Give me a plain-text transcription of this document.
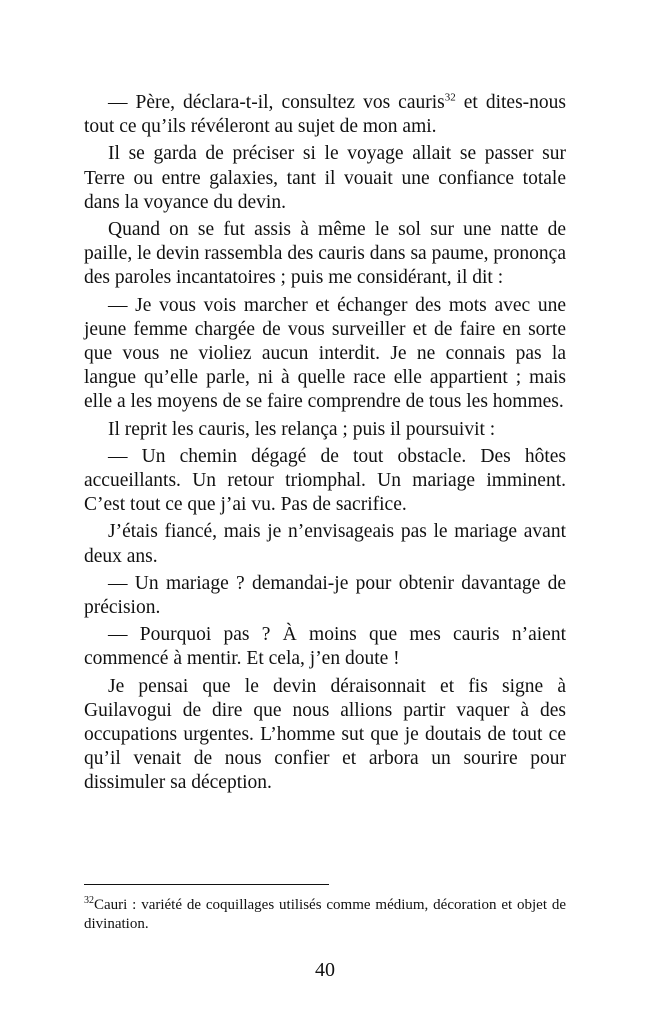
— Père, déclara-t-il, consultez vos cauris$^{32}$ et dites-nous tout ce qu’ils révéleront au sujet de mon ami.

Il se garda de préciser si le voyage allait se passer sur Terre ou entre galaxies, tant il vouait une confiance totale dans la voyance du devin.

Quand on se fut assis à même le sol sur une natte de paille, le devin rassembla des cauris dans sa paume, prononça des paroles incantatoires ; puis me considérant, il dit :

— Je vous vois marcher et échanger des mots avec une jeune femme chargée de vous surveiller et de faire en sorte que vous ne violiez aucun interdit. Je ne connais pas la langue qu’elle parle, ni à quelle race elle appartient ; mais elle a les moyens de se faire comprendre de tous les hommes.

Il reprit les cauris, les relança ; puis il poursuivit :

— Un chemin dégagé de tout obstacle. Des hôtes accueillants. Un retour triomphal. Un mariage imminent. C’est tout ce que j’ai vu. Pas de sacrifice.

J’étais fiancé, mais je n’envisageais pas le mariage avant deux ans.

— Un mariage ? demandai-je pour obtenir davantage de précision.

— Pourquoi pas ? À moins que mes cauris n’aient commencé à mentir. Et cela, j’en doute !

Je pensai que le devin déraisonnait et fis signe à Guilavogui de dire que nous allions partir vaquer à des occupations urgentes. L’homme sut que je doutais de tout ce qu’il venait de nous confier et arbora un sourire pour dissimuler sa déception.

$^{32}$Cauri : variété de coquillages utilisés comme médium, décoration et objet de divination.

40
